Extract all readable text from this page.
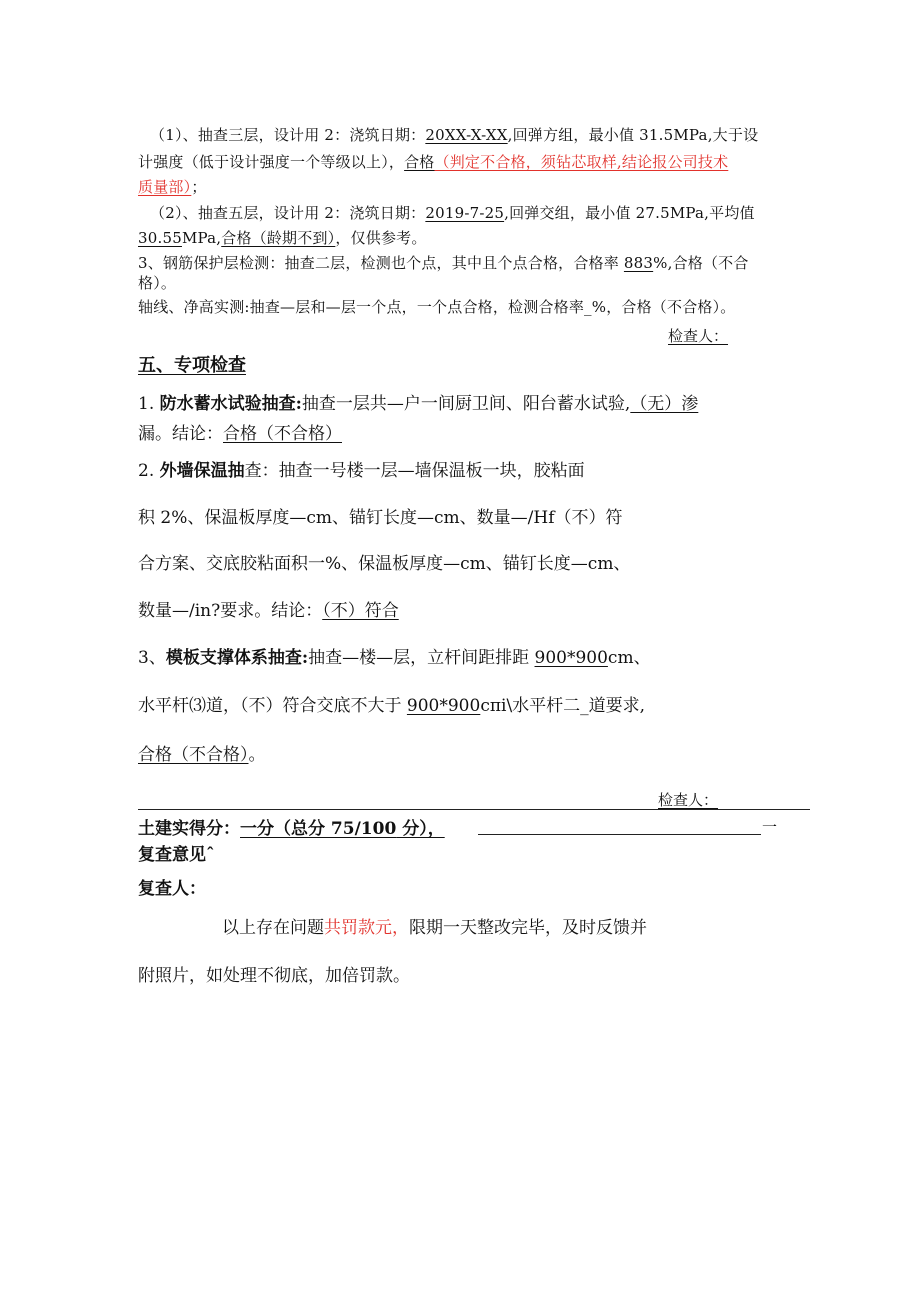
（1）、抽查三层，设计用 2：浇筑日期：20XX-X-XX,回弹方组，最小值 31.5MPa,大于设
计强度（低于设计强度一个等级以上），合格（判定不合格，须钻芯取样,结论报公司技术
质量部）；
（2）、抽查五层，设计用 2：浇筑日期：2019-7-25,回弹交组，最小值 27.5MPa,平均值
30.55MPa,合格（龄期不到），仅供参考。
3、钢筋保护层检测：抽查二层，检测也个点，其中且个点合格，合格率 883%,合格（不合
格）。
轴线、净高实测:抽查—层和—层一个点，一个点合格，检测合格率_%，合格（不合格）。
检查人：
五、专项检查
1. 防水蓄水试验抽查:抽查一层共—户一间厨卫间、阳台蓄水试验,（无）渗
漏。结论：合格（不合格）
2. 外墙保温抽查：抽查一号楼一层—墙保温板一块，胶粘面
积 2%、保温板厚度—cm、锚钉长度—cm、数量—/Hf（不）符
合方案、交底胶粘面积一%、保温板厚度—cm、锚钉长度—cm、
数量—/in?要求。结论：（不）符合
3、模板支撑体系抽查:抽查—楼—层，立杆间距排距 900*900cm、
水平杆⑶道，（不）符合交底不大于 900*900cπi\水平杆二_道要求,
合格（不合格）。
检查人：
土建实得分：一分（总分 75/100 分），	一
复查意见ˆ
复查人：
以上存在问题共罚款元，限期一天整改完毕，及时反馈并
附照片，如处理不彻底，加倍罚款。
